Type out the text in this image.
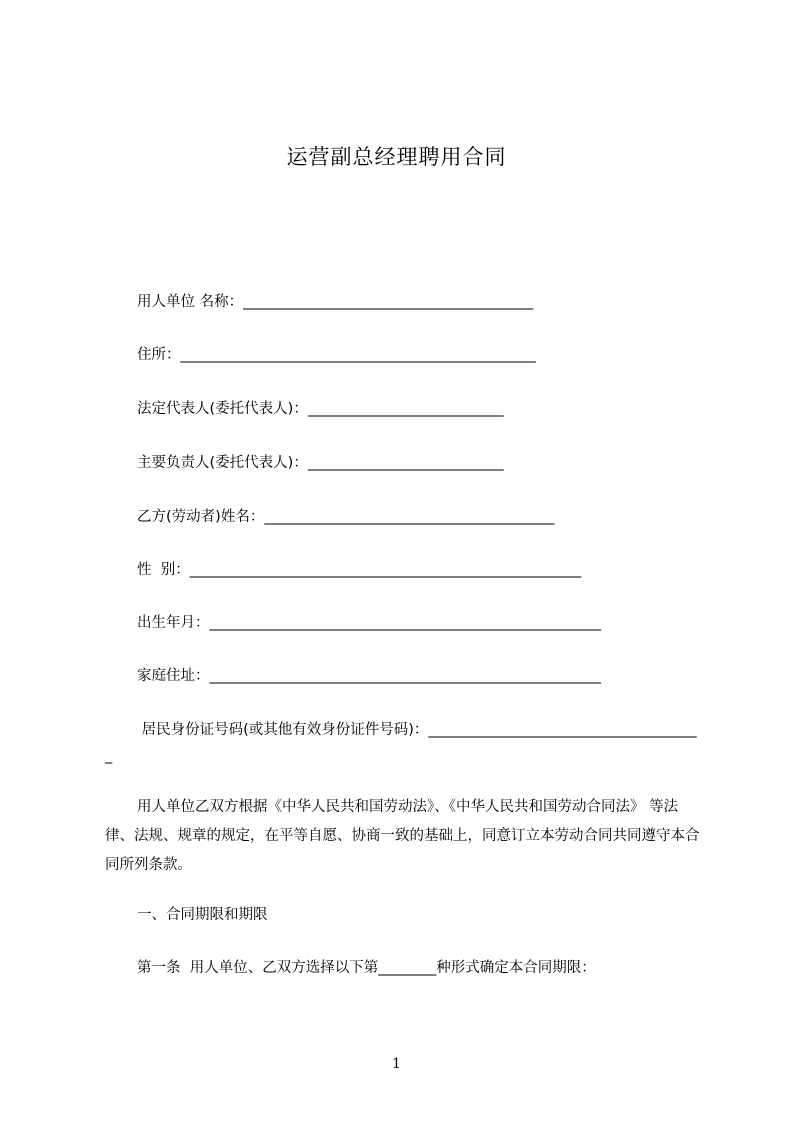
运营副总经理聘用合同
用人单位 名称：________________________________________
住所：_________________________________________________
法定代表人(委托代表人)：___________________________
主要负责人(委托代表人)：___________________________
乙方(劳动者)姓名：________________________________________
性  别：______________________________________________________
出生年月：______________________________________________________
家庭住址：______________________________________________________
居民身份证号码(或其他有效身份证件号码)：_____________________________________
_
用人单位乙双方根据《中华人民共和国劳动法》、《中华人民共和国劳动合同法》 等法律、法规、规章的规定，在平等自愿、协商一致的基础上，同意订立本劳动合同共同遵守本合同所列条款。
一、合同期限和期限
第一条  用人单位、乙双方选择以下第________种形式确定本合同期限：
1
